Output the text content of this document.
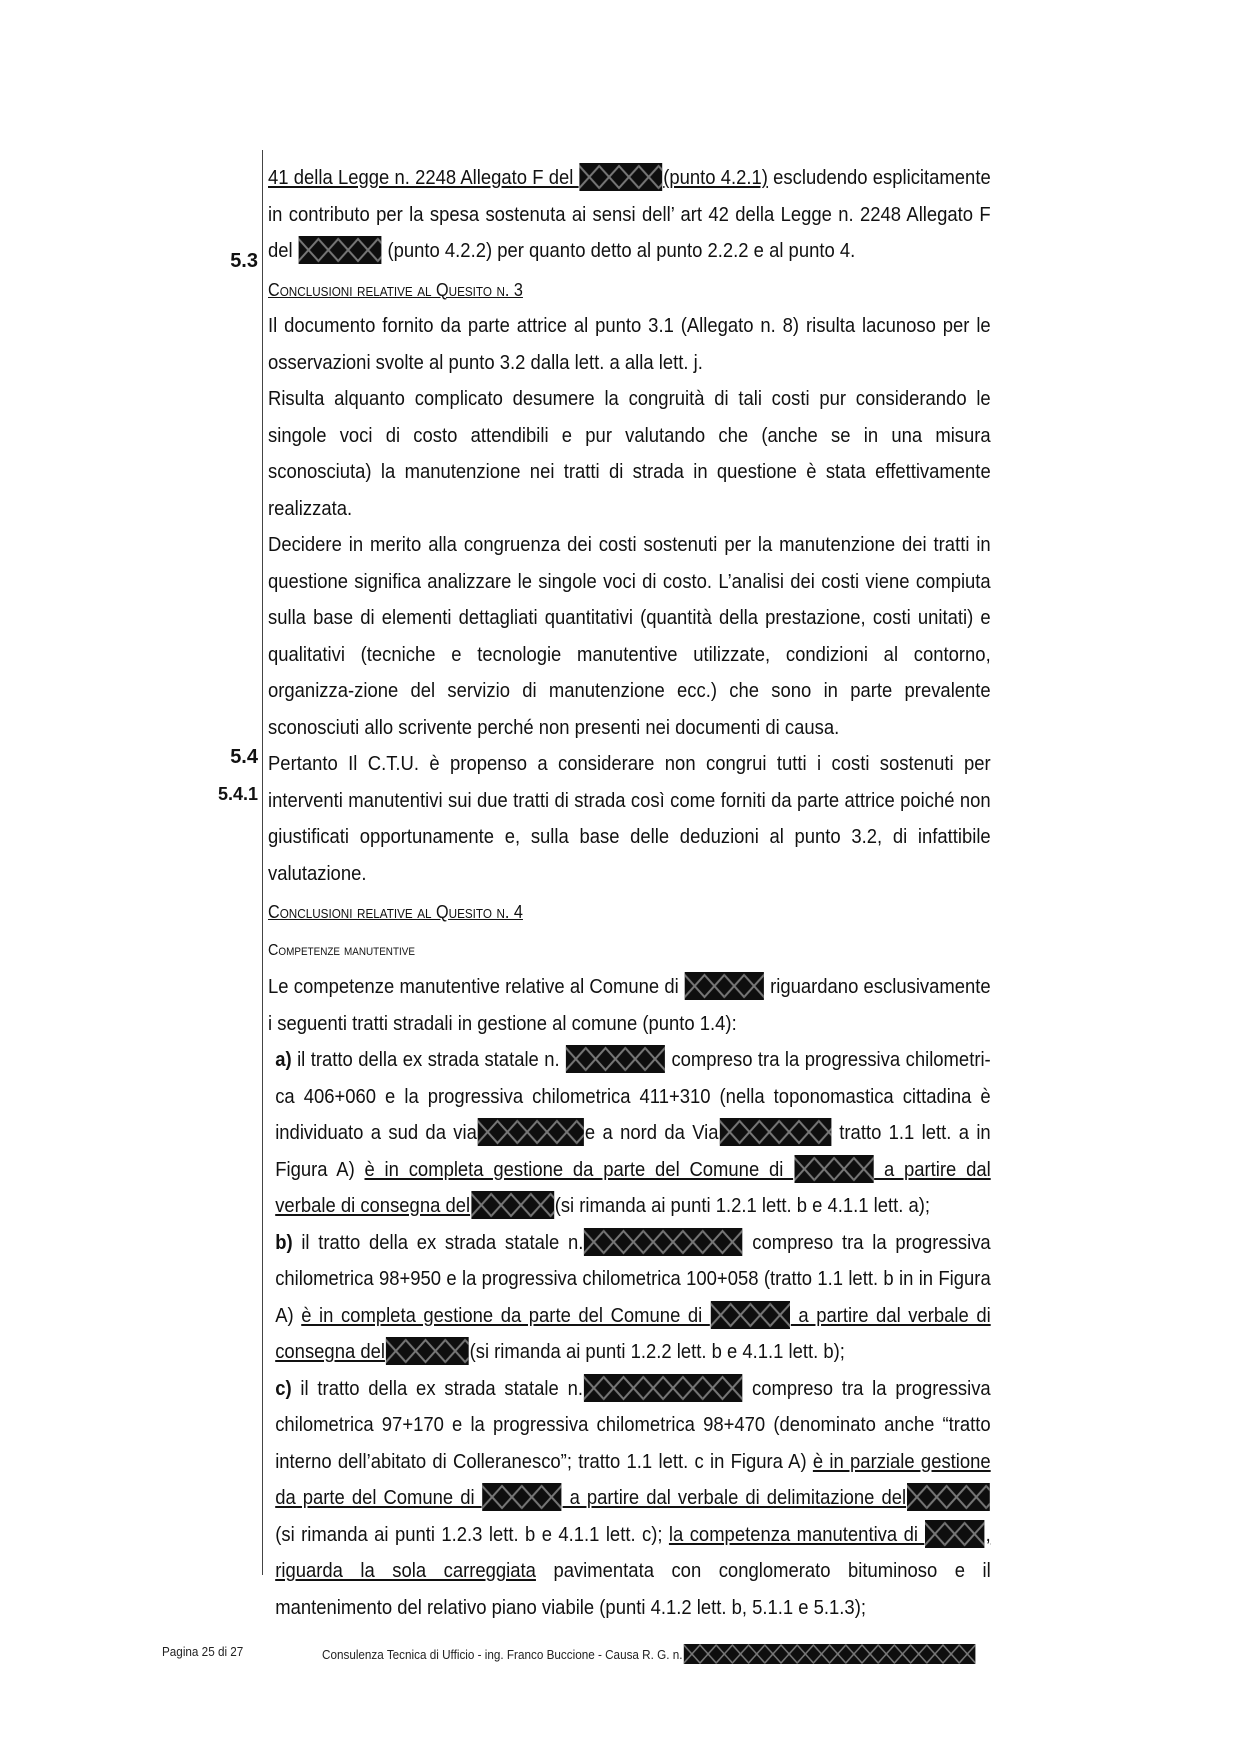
5.3
5.4
5.4.1

41 della Legge n. 2248 Allegato F del	(punto 4.2.1) escludendo esplicitamente in contributo per la spesa sostenuta ai sensi dell’ art 42 della Legge n. 2248 Allegato F del	(punto 4.2.2) per quanto detto al punto 2.2.2 e al punto 4.

Conclusioni relative al Quesito n. 3

Il documento fornito da parte attrice al punto 3.1 (Allegato n. 8) risulta lacunoso per le osservazioni svolte al punto 3.2 dalla lett. a alla lett. j.

Risulta alquanto complicato desumere la congruità di tali costi pur considerando le singole voci di costo attendibili e pur valutando che (anche se in una misura sconosciuta) la manutenzione nei tratti di strada in questione è stata effettivamente realizzata.

Decidere in merito alla congruenza dei costi sostenuti per la manutenzione dei tratti in questione significa analizzare le singole voci di costo. L’analisi dei costi viene compiuta sulla base di elementi dettagliati quantitativi (quantità della prestazione, costi unitati) e qualitativi (tecniche e tecnologie manutentive utilizzate, condizioni al contorno, organizza-zione del servizio di manutenzione ecc.) che sono in parte prevalente sconosciuti allo scrivente perché non presenti nei documenti di causa.

Pertanto Il C.T.U. è propenso a considerare non congrui tutti i costi sostenuti per interventi manutentivi sui due tratti di strada così come forniti da parte attrice poiché non giustificati opportunamente e, sulla base delle deduzioni al punto 3.2, di infattibile valutazione.

Conclusioni relative al Quesito n. 4

Competenze manutentive

Le competenze manutentive relative al Comune di	riguardano esclusivamente i seguenti tratti stradali in gestione al comune (punto 1.4):

a) il tratto della ex strada statale n.	compreso tra la progressiva chilometri-ca 406+060 e la progressiva chilometrica 411+310 (nella toponomastica cittadina è individuato a sud da via	e a nord da Via	tratto 1.1 lett. a in Figura A) è in completa gestione da parte del Comune di	a partire dal verbale di consegna del	(si rimanda ai punti 1.2.1 lett. b e 4.1.1 lett. a);

b) il tratto della ex strada statale n.	compreso tra la progressiva chilometrica 98+950 e la progressiva chilometrica 100+058 (tratto 1.1 lett. b in in Figura A) è in completa gestione da parte del Comune di	a partire dal verbale di consegna del	(si rimanda ai punti 1.2.2 lett. b e 4.1.1 lett. b);

c) il tratto della ex strada statale n.	compreso tra la progressiva chilometrica 97+170 e la progressiva chilometrica 98+470 (denominato anche “tratto interno dell’abitato di Colleranesco”; tratto 1.1 lett. c in Figura A) è in parziale gestione da parte del Comune di	a partire dal verbale di delimitazione del (si rimanda ai punti 1.2.3 lett. b e 4.1.1 lett. c); la competenza manutentiva di	, riguarda la sola carreggiata pavimentata con conglomerato bituminoso e il mantenimento del relativo piano viabile (punti 4.1.2 lett. b, 5.1.1 e 5.1.3);

Pagina 25 di 27	Consulenza Tecnica di Ufficio - ing. Franco Buccione - Causa R. G. n.
